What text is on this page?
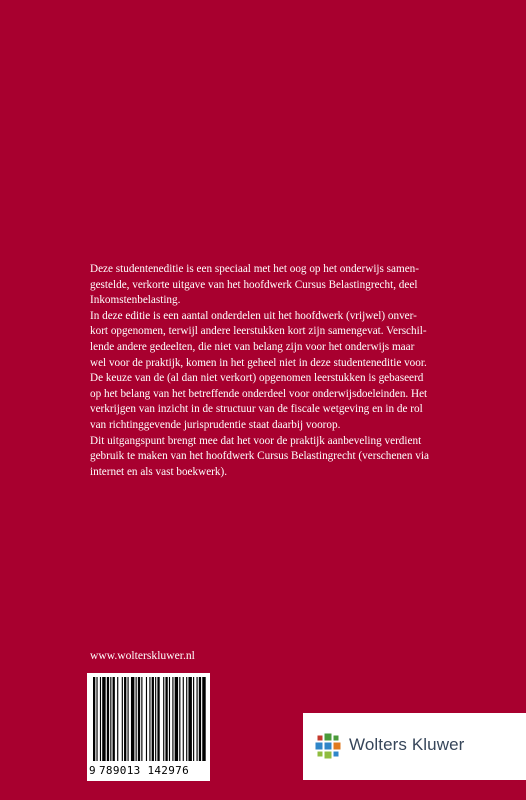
Deze studenteneditie is een speciaal met het oog op het onderwijs samen-
gestelde, verkorte uitgave van het hoofdwerk Cursus Belastingrecht, deel
Inkomstenbelasting.

In deze editie is een aantal onderdelen uit het hoofdwerk (vrijwel) onver-
kort opgenomen, terwijl andere leerstukken kort zijn samengevat. Verschil-
lende andere gedeelten, die niet van belang zijn voor het onderwijs maar
wel voor de praktijk, komen in het geheel niet in deze studenteneditie voor.

De keuze van de (al dan niet verkort) opgenomen leerstukken is gebaseerd
op het belang van het betreffende onderdeel voor onderwijsdoeleinden. Het
verkrijgen van inzicht in de structuur van de fiscale wetgeving en in de rol
van richtinggevende jurisprudentie staat daarbij voorop.

Dit uitgangspunt brengt mee dat het voor de praktijk aanbeveling verdient
gebruik te maken van het hoofdwerk Cursus Belastingrecht (verschenen via
internet en als vast boekwerk).

www.wolterskluwer.nl
9 789013 142976
Wolters Kluwer
